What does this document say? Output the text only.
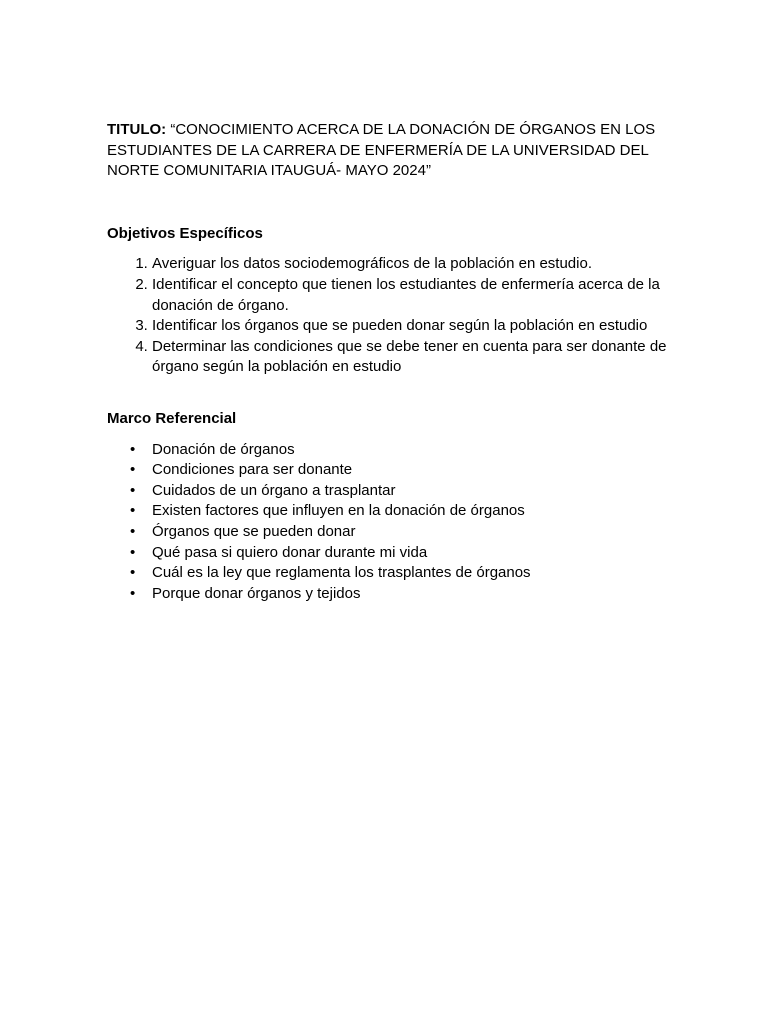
TITULO: “CONOCIMIENTO ACERCA DE LA DONACIÓN DE ÓRGANOS EN LOS ESTUDIANTES DE LA CARRERA DE ENFERMERÍA DE LA UNIVERSIDAD DEL NORTE COMUNITARIA ITAUGUÁ- MAYO 2024”

Objetivos Específicos

1. Averiguar los datos sociodemográficos de la población en estudio.
2. Identificar el concepto que tienen los estudiantes de enfermería acerca de la donación de órgano.
3. Identificar los órganos que se pueden donar según la población en estudio
4. Determinar las condiciones que se debe tener en cuenta para ser donante de órgano según la población en estudio

Marco Referencial

• Donación de órganos
• Condiciones para ser donante
• Cuidados de un órgano a trasplantar
• Existen factores que influyen en la donación de órganos
• Órganos que se pueden donar
• Qué pasa si quiero donar durante mi vida
• Cuál es la ley que reglamenta los trasplantes de órganos
• Porque donar órganos y tejidos
